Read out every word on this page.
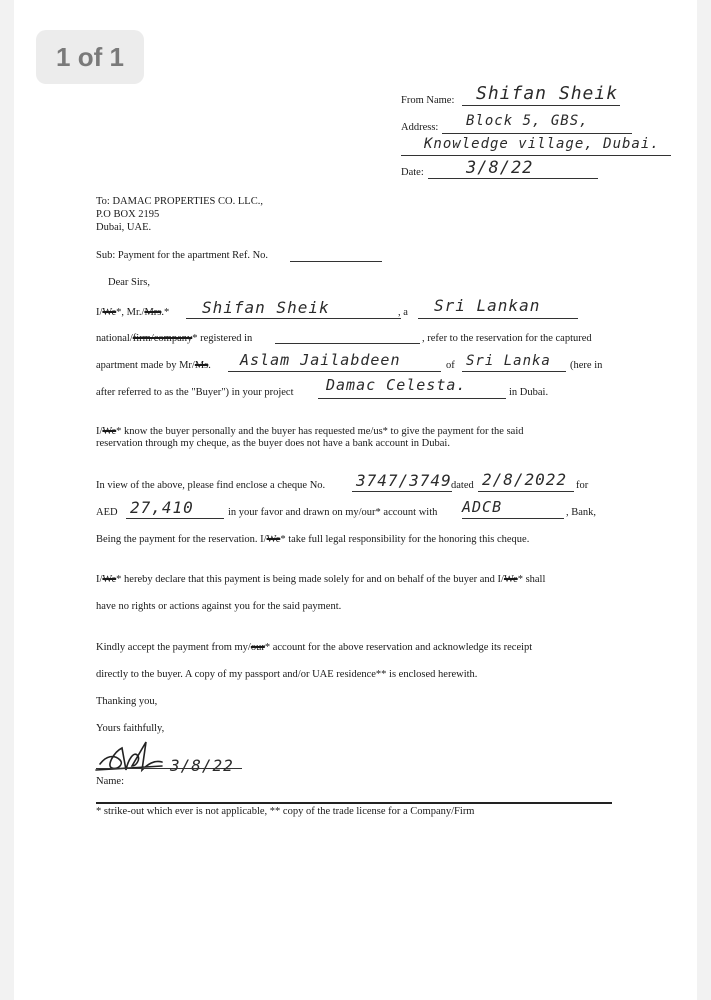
1 of 1
From Name: Shifan Sheik
Address: Block 5, GBS,
Knowledge village, Dubai.
Date: 3/8/22
To: DAMAC PROPERTIES CO. LLC.,
P.O BOX 2195
Dubai, UAE.
Sub: Payment for the apartment Ref. No.
Dear Sirs,
I/We*, Mr./Mrs.* Shifan Sheik	, a Sri Lankan
national/firm/company* registered in	, refer to the reservation for the captured
apartment made by Mr/Ms. Aslam Jailabdeen	of Sri Lanka (here in
after referred to as the "Buyer") in your project Damac Celesta.	in Dubai.
I/We* know the buyer personally and the buyer has requested me/us* to give the payment for the said
reservation through my cheque, as the buyer does not have a bank account in Dubai.
In view of the above, please find enclose a cheque No. 3747/3749 dated 2/8/2022 for
AED 27,410	in your favor and drawn on my/our* account with ADCB	, Bank,
Being the payment for the reservation. I/We* take full legal responsibility for the honoring this cheque.
I/We* hereby declare that this payment is being made solely for and on behalf of the buyer and I/We* shall
have no rights or actions against you for the said payment.
Kindly accept the payment from my/our* account for the above reservation and acknowledge its receipt
directly to the buyer. A copy of my passport and/or UAE residence** is enclosed herewith.
Thanking you,
Yours faithfully,
3/8/22
Name:
* strike-out which ever is not applicable, ** copy of the trade license for a Company/Firm
